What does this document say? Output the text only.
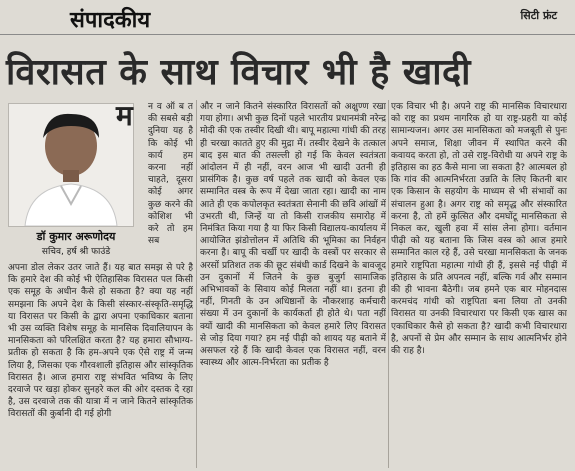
संपादकीय	सिटी फ्रंट
विरासत के साथ विचार भी है खादी
डॉ कुमार अरूणोदय
सचिव, हर्ष श्री फाउंडे
म न व ऑ ब त की सबसे बड़ी दुनिया यह है कि कोई भी कार्य हम करना नहीं चाहते, दूसरा कोई अगर कुछ करने की कोशिश भी करे तो हम सब
अपना डोल लेकर उतर जाते हैं। यह बात समझ से परे है कि हमारे देश की कोई भी ऐतिहासिक विरासत पल किसी एक समूह के अधीन कैसे हो सकता है? क्या यह नहीं समझना कि अपने देश के किसी संस्कार-संस्कृति-समृद्धि या विरासत पर किसी के द्वारा अपना एकाधिकार बताना भी उस व्यक्ति विशेष समूह के मानसिक दिवालियापन के मानसिकता को परिलक्षित करता है? यह हमारा सौभाग्य-प्रतीक हो सकता है कि हम-अपने एक ऐसे राष्ट्र में जन्म लिया है, जिसका एक गौरवशाली इतिहास और सांस्कृतिक विरासत है। आज हमारा राष्ट्र संभवित भविष्य के लिए दरवाजे पर खड़ा होकर सुनहरे कल की ओर दस्तक दे रहा है, उस दरवाजे तक की यात्रा में न जाने कितने सांस्कृतिक विरासतों की कुर्बानी दी गई होगी
और न जाने कितने संस्कारित विरासतों को अक्षुण्ण रखा गया होगा। अभी कुछ दिनों पहले भारतीय प्रधानमंत्री नरेन्द्र मोदी की एक तस्वीर दिखी थी। बापू महात्मा गांधी की तरह ही चरखा कातते हुए की मुद्रा में। तस्वीर देखने के तत्काल बाद इस बात की तसल्ली हो गई कि केवल स्वतंत्रता आंदोलन में ही नहीं, वरन आज भी खादी उतनी ही प्रासंगिक है। कुछ वर्ष पहले तक खादी को केवल एक सम्मानित वस्त्र के रूप में देखा जाता रहा। खादी का नाम आते ही एक कपोलकृत स्वतंत्रता सेनानी की छवि आंखों में उभरती थी, जिन्हें या तो किसी राजकीय समारोह में निमंत्रित किया गया है या फिर किसी विद्यालय-कार्यालय में आयोजित झंडोत्तोलन में अतिथि की भूमिका का निर्वहन करना है। बापू की चर्खी पर खादी के वस्त्रों पर सरकार से अरसों प्रतिशत तक की छूट संबंधी कार्ड दिखने के बावजूद उन दुकानों में जितने के कुछ बुजुर्ग सामाजिक अभिभावकों के सिवाय कोई मिलता नहीं था। इतना ही नहीं, गिनती के उन अधिष्ठानों के नौकरशाह कर्मचारी संख्या में उन दुकानों के कार्यकर्ता ही होते थे। पता नहीं क्यों खादी की मानसिकता को केवल हमारे लिए विरासत से जोड़ दिया गया? हम नई पीढ़ी को शायद यह बताने में असफल रहे हैं कि खादी केवल एक विरासत नहीं, वरन स्वास्थ्य और आत्म-निर्भरता का प्रतीक है
एक विचार भी है। अपने राष्ट्र की मानसिक विचारधारा को राष्ट्र का प्रथम नागरिक हो या राष्ट्र-प्रहरी या कोई सामान्यजन। अगर उस मानसिकता को मजबूती से पुनः अपने समाज, शिक्षा जीवन में स्थापित करने की कवायद करता हो, तो उसे राष्ट्र-विरोधी या अपने राष्ट्र के इतिहास का हठ कैसे माना जा सकता है? आत्मबल हो कि गांव की आत्मनिर्भरता उन्नति के लिए कितनी बार एक किसान के सहयोग के माध्यम से भी संभावों का संचालन हुआ है। अगर राष्ट्र को समृद्ध और संस्कारित करना है, तो हमें कुत्सित और दमघोंटू मानसिकता से निकल कर, खुली हवा में सांस लेना होगा। वर्तमान पीढ़ी को यह बताना कि जिस वस्त्र को आज हमारे सम्मानित काल रहे हैं, उसे चरखा मानसिकता के जनक हमारे राष्ट्रपिता महात्मा गांधी ही हैं, इससे नई पीढ़ी में इतिहास के प्रति अपनत्व नहीं, बल्कि गर्व और सम्मान की ही भावना बैठेगी। जब हमने एक बार मोहनदास करमचंद गांधी को राष्ट्रपिता बना लिया तो उनकी विरासत या उनकी विचारधारा पर किसी एक खास का एकाधिकार कैसे हो सकता है? खादी कभी विचारधारा है, अपनों से प्रेम और सम्मान के साथ आत्मनिर्भर होने की राह है।
